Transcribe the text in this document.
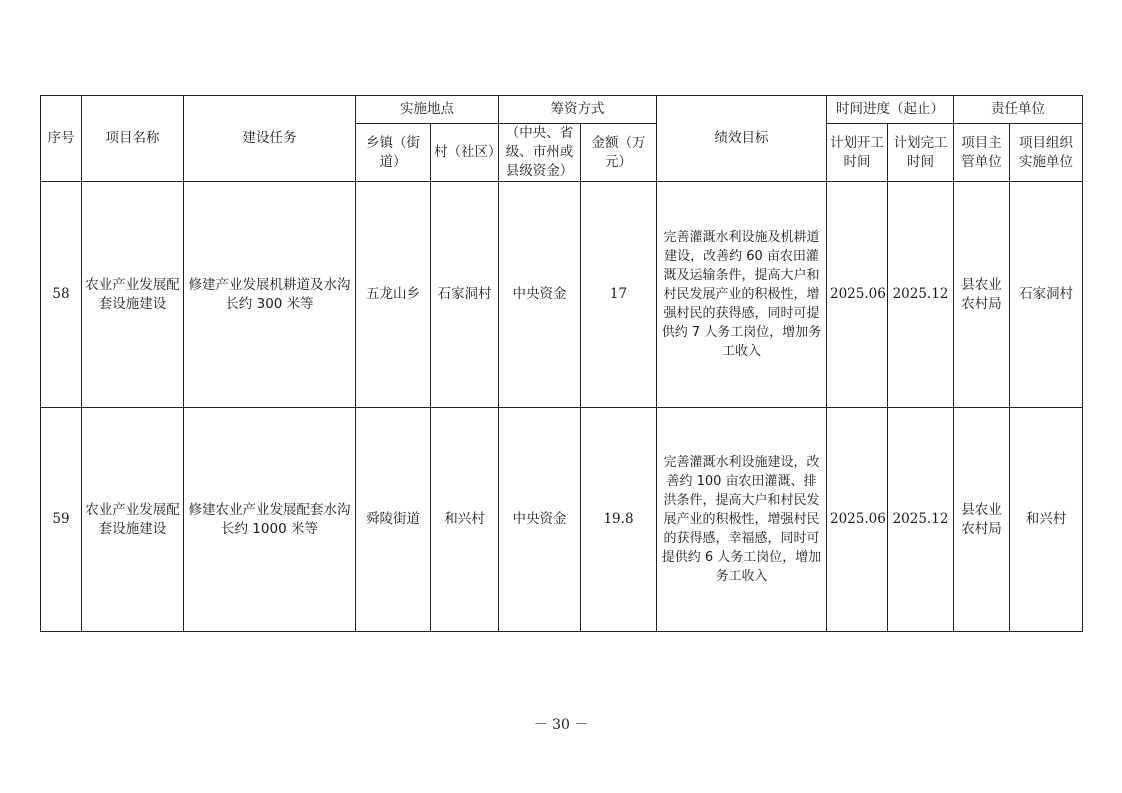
序号	项目名称	建设任务	实施地点		筹资方式		绩效目标	时间进度（起止）		责任单位	
			乡镇（街道）	村（社区）	（中央、省级、市州或县级资金）	金额（万元）		计划开工时间	计划完工时间	项目主管单位	项目组织实施单位
58	农业产业发展配套设施建设	修建产业发展机耕道及水沟长约 300 米等	五龙山乡	石家洞村	中央资金	17	完善灌溉水利设施及机耕道建设，改善约 60 亩农田灌溉及运输条件，提高大户和村民发展产业的积极性，增强村民的获得感，同时可提供约 7 人务工岗位，增加务工收入	2025.06	2025.12	县农业农村局	石家洞村
59	农业产业发展配套设施建设	修建农业产业发展配套水沟长约 1000 米等	舜陵街道	和兴村	中央资金	19.8	完善灌溉水利设施建设，改善约 100 亩农田灌溉、排洪条件，提高大户和村民发展产业的积极性，增强村民的获得感，幸福感，同时可提供约 6 人务工岗位，增加务工收入	2025.06	2025.12	县农业农村局	和兴村
－ 30 －
